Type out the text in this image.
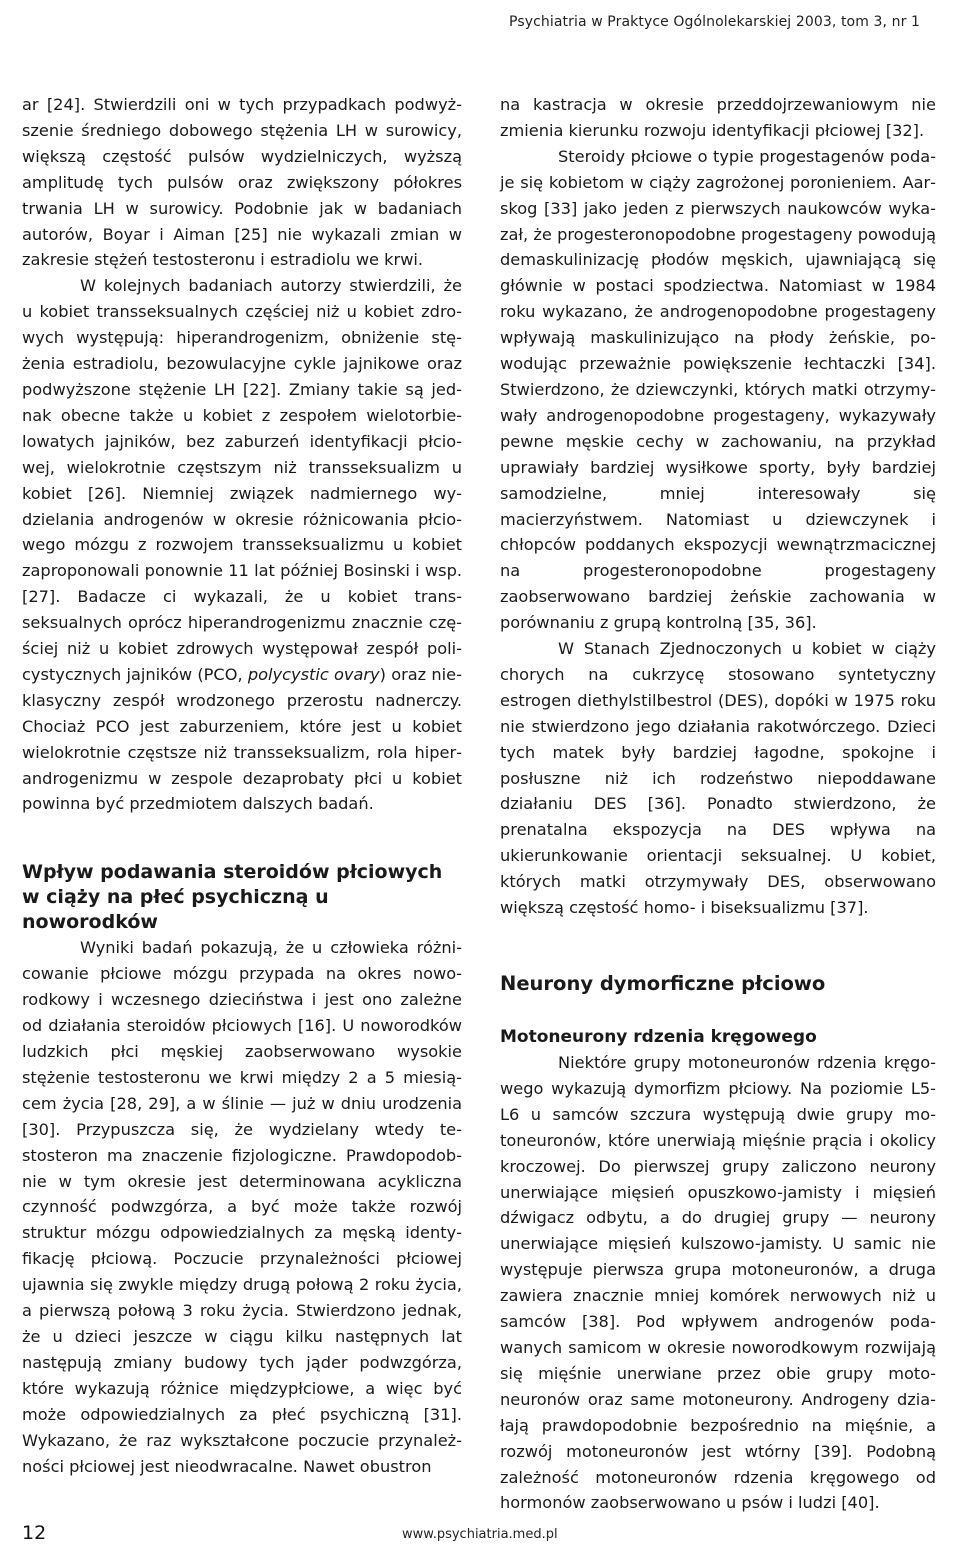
Psychiatria w Praktyce Ogólnolekarskiej 2003, tom 3, nr 1

ar [24]. Stwierdzili oni w tych przypadkach podwyższenie średniego dobowego stężenia LH w surowicy, większą częstość pulsów wydzielniczych, wyższą amplitudę tych pulsów oraz zwiększony półokres trwania LH w surowicy. Podobnie jak w badaniach autorów, Boyar i Aiman [25] nie wykazali zmian w zakresie stężeń testosteronu i estradiolu we krwi.

W kolejnych badaniach autorzy stwierdzili, że u kobiet transseksualnych częściej niż u kobiet zdrowych występują: hiperandrogenizm, obniżenie stężenia estradiolu, bezowulacyjne cykle jajnikowe oraz podwyższone stężenie LH [22]. Zmiany takie są jednak obecne także u kobiet z zespołem wielotorbielowatych jajników, bez zaburzeń identyfikacji płciowej, wielokrotnie częstszym niż transseksualizm u kobiet [26]. Niemniej związek nadmiernego wydzielania androgenów w okresie różnicowania płciowego mózgu z rozwojem transseksualizmu u kobiet zaproponowali ponownie 11 lat później Bosinski i wsp. [27]. Badacze ci wykazali, że u kobiet transseksualnych oprócz hiperandrogenizmu znacznie częściej niż u kobiet zdrowych występował zespół policystycznych jajników (PCO, polycystic ovary) oraz nieklasyczny zespół wrodzonego przerostu nadnerczy. Chociaż PCO jest zaburzeniem, które jest u kobiet wielokrotnie częstsze niż transseksualizm, rola hiperandrogenizmu w zespole dezaprobaty płci u kobiet powinna być przedmiotem dalszych badań.

Wpływ podawania steroidów płciowych w ciąży na płeć psychiczną u noworodków

Wyniki badań pokazują, że u człowieka różnicowanie płciowe mózgu przypada na okres noworodkowy i wczesnego dzieciństwa i jest ono zależne od działania steroidów płciowych [16]. U noworodków ludzkich płci męskiej zaobserwowano wysokie stężenie testosteronu we krwi między 2 a 5 miesiącem życia [28, 29], a w ślinie — już w dniu urodzenia [30]. Przypuszcza się, że wydzielany wtedy testosteron ma znaczenie fizjologiczne. Prawdopodobnie w tym okresie jest determinowana acykliczna czynność podwzgórza, a być może także rozwój struktur mózgu odpowiedzialnych za męską identyfikację płciową. Poczucie przynależności płciowej ujawnia się zwykle między drugą połową 2 roku życia, a pierwszą połową 3 roku życia. Stwierdzono jednak, że u dzieci jeszcze w ciągu kilku następnych lat następują zmiany budowy tych jąder podwzgórza, które wykazują różnice międzypłciowe, a więc być może odpowiedzialnych za płeć psychiczną [31]. Wykazano, że raz wykształcone poczucie przynależności płciowej jest nieodwracalne. Nawet obustron

na kastracja w okresie przeddojrzewaniowym nie zmienia kierunku rozwoju identyfikacji płciowej [32].

Steroidy płciowe o typie progestagenów podaje się kobietom w ciąży zagrożonej poronieniem. Aarskog [33] jako jeden z pierwszych naukowców wykazał, że progesteronopodobne progestageny powodują demaskulinizację płodów męskich, ujawniającą się głównie w postaci spodziectwa. Natomiast w 1984 roku wykazano, że androgenopodobne progestageny wpływają maskulinizująco na płody żeńskie, powodując przeważnie powiększenie łechtaczki [34]. Stwierdzono, że dziewczynki, których matki otrzymywały androgenopodobne progestageny, wykazywały pewne męskie cechy w zachowaniu, na przykład uprawiały bardziej wysiłkowe sporty, były bardziej samodzielne, mniej interesowały się macierzyństwem. Natomiast u dziewczynek i chłopców poddanych ekspozycji wewnątrzmacicznej na progesteronopodobne progestageny zaobserwowano bardziej żeńskie zachowania w porównaniu z grupą kontrolną [35, 36].

W Stanach Zjednoczonych u kobiet w ciąży chorych na cukrzycę stosowano syntetyczny estrogen diethylstilbestrol (DES), dopóki w 1975 roku nie stwierdzono jego działania rakotwórczego. Dzieci tych matek były bardziej łagodne, spokojne i posłuszne niż ich rodzeństwo niepoddawane działaniu DES [36]. Ponadto stwierdzono, że prenatalna ekspozycja na DES wpływa na ukierunkowanie orientacji seksualnej. U kobiet, których matki otrzymywały DES, obserwowano większą częstość homo- i biseksualizmu [37].

Neurony dymorficzne płciowo
Motoneurony rdzenia kręgowego

Niektóre grupy motoneuronów rdzenia kręgowego wykazują dymorfizm płciowy. Na poziomie L5-L6 u samców szczura występują dwie grupy motoneuronów, które unerwiają mięśnie prącia i okolicy kroczowej. Do pierwszej grupy zaliczono neurony unerwiające mięsień opuszkowo-jamisty i mięsień dźwigacz odbytu, a do drugiej grupy — neurony unerwiające mięsień kulszowo-jamisty. U samic nie występuje pierwsza grupa motoneuronów, a druga zawiera znacznie mniej komórek nerwowych niż u samców [38]. Pod wpływem androgenów podawanych samicom w okresie noworodkowym rozwijają się mięśnie unerwiane przez obie grupy motoneuronów oraz same motoneurony. Androgeny działają prawdopodobnie bezpośrednio na mięśnie, a rozwój motoneuronów jest wtórny [39]. Podobną zależność motoneuronów rdzenia kręgowego od hormonów zaobserwowano u psów i ludzi [40].

12	www.psychiatria.med.pl
